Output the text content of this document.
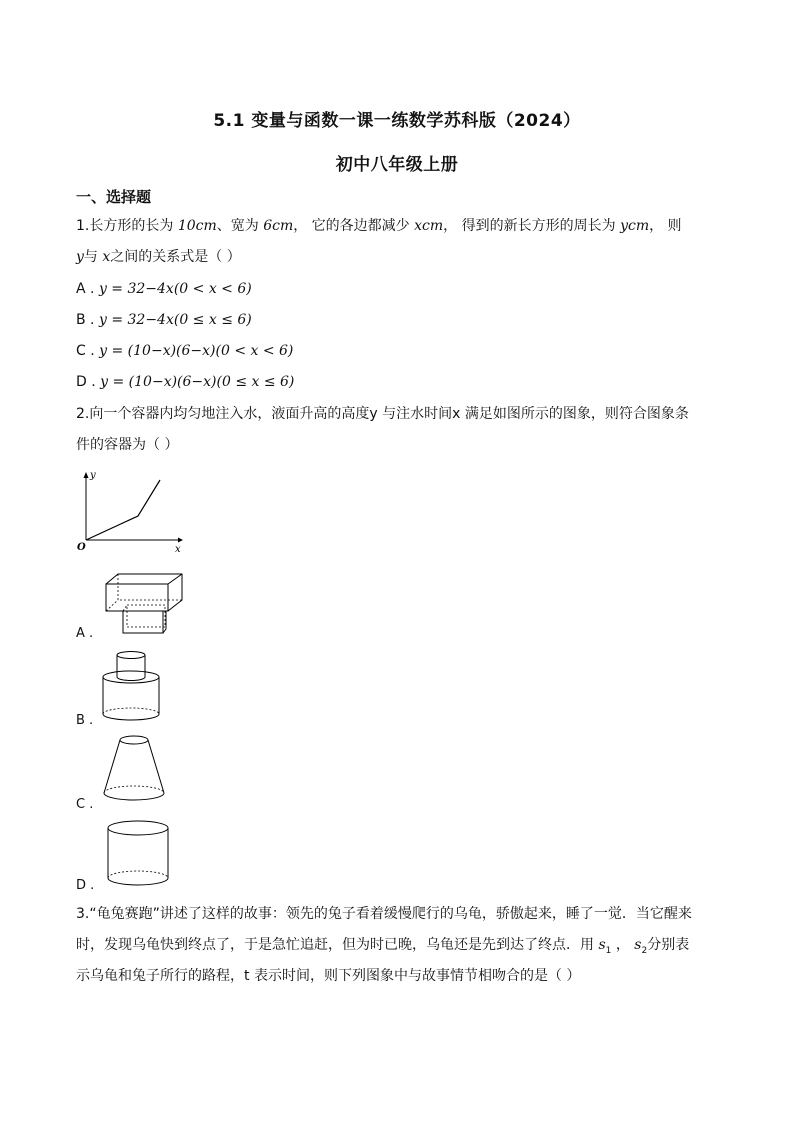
5.1 变量与函数一课一练数学苏科版（2024）
初中八年级上册
一、选择题
1.长方形的长为 10cm、宽为 6cm， 它的各边都减少 xcm， 得到的新长方形的周长为 ycm， 则
y与 x之间的关系式是（ ）
A . y = 32−4x(0 < x < 6)
B . y = 32−4x(0 ≤ x ≤ 6)
C . y = (10−x)(6−x)(0 < x < 6)
D . y = (10−x)(6−x)(0 ≤ x ≤ 6)
2.向一个容器内均匀地注入水，液面升高的高度y 与注水时间x 满足如图所示的图象，则符合图象条
件的容器为（ ）
y
x
O
A .
B .
C .
D .
3.“龟兔赛跑”讲述了这样的故事：领先的兔子看着缓慢爬行的乌龟，骄傲起来，睡了一觉．当它醒来
时，发现乌龟快到终点了，于是急忙追赶，但为时已晚，乌龟还是先到达了终点．用 $s_1$ ， $s_2$分别表
示乌龟和兔子所行的路程，t 表示时间，则下列图象中与故事情节相吻合的是（ ）
